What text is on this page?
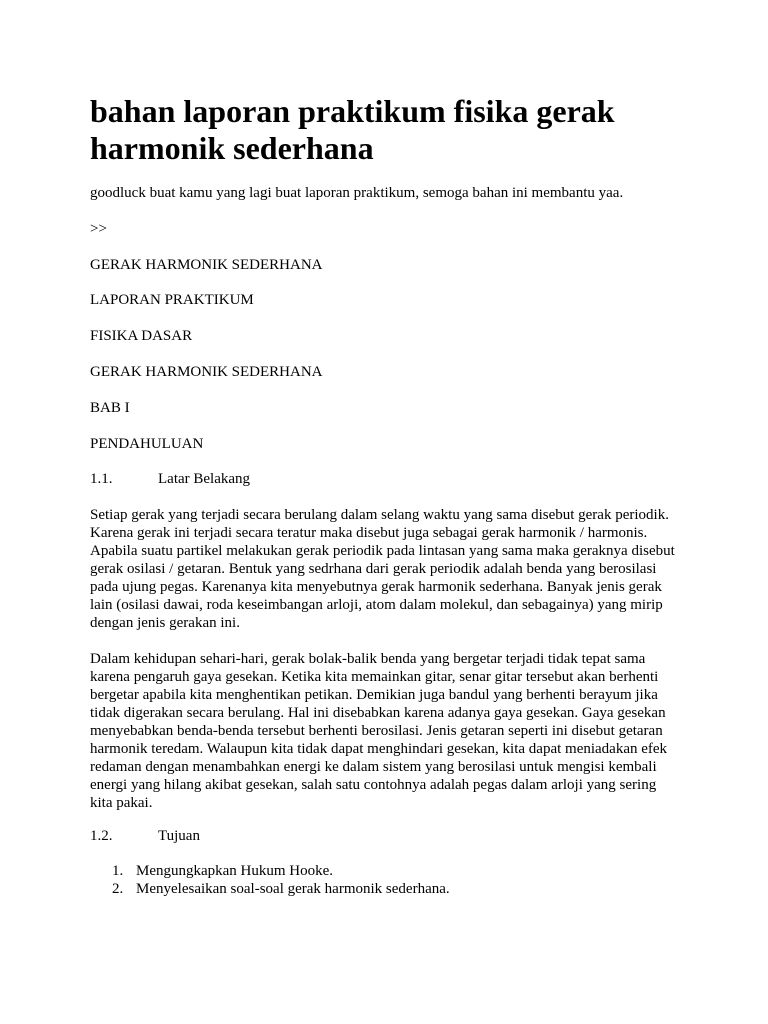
bahan laporan praktikum fisika gerak harmonik sederhana

goodluck buat kamu yang lagi buat laporan praktikum, semoga bahan ini membantu yaa.

>>

GERAK HARMONIK SEDERHANA

LAPORAN PRAKTIKUM

FISIKA DASAR

GERAK HARMONIK SEDERHANA

BAB I

PENDAHULUAN

1.1.	Latar Belakang

Setiap gerak yang terjadi secara berulang dalam selang waktu yang sama disebut gerak periodik.
Karena gerak ini terjadi secara teratur maka disebut juga sebagai gerak harmonik / harmonis.
Apabila suatu partikel melakukan gerak periodik pada lintasan yang sama maka geraknya disebut
gerak osilasi / getaran. Bentuk yang sedrhana dari gerak periodik adalah benda yang berosilasi
pada ujung pegas. Karenanya kita menyebutnya gerak harmonik sederhana. Banyak jenis gerak
lain (osilasi dawai, roda keseimbangan arloji, atom dalam molekul, dan sebagainya) yang mirip
dengan jenis gerakan ini.
Dalam kehidupan sehari-hari, gerak bolak-balik benda yang bergetar terjadi tidak tepat sama
karena pengaruh gaya gesekan. Ketika kita memainkan gitar, senar gitar tersebut akan berhenti
bergetar apabila kita menghentikan petikan. Demikian juga bandul yang berhenti berayum jika
tidak digerakan secara berulang. Hal ini disebabkan karena adanya gaya gesekan. Gaya gesekan
menyebabkan benda-benda tersebut berhenti berosilasi. Jenis getaran seperti ini disebut getaran
harmonik teredam. Walaupun kita tidak dapat menghindari gesekan, kita dapat meniadakan efek
redaman dengan menambahkan energi ke dalam sistem yang berosilasi untuk mengisi kembali
energi yang hilang akibat gesekan, salah satu contohnya adalah pegas dalam arloji yang sering
kita pakai.

1.2.	Tujuan

1. Mengungkapkan Hukum Hooke.
2. Menyelesaikan soal-soal gerak harmonik sederhana.
